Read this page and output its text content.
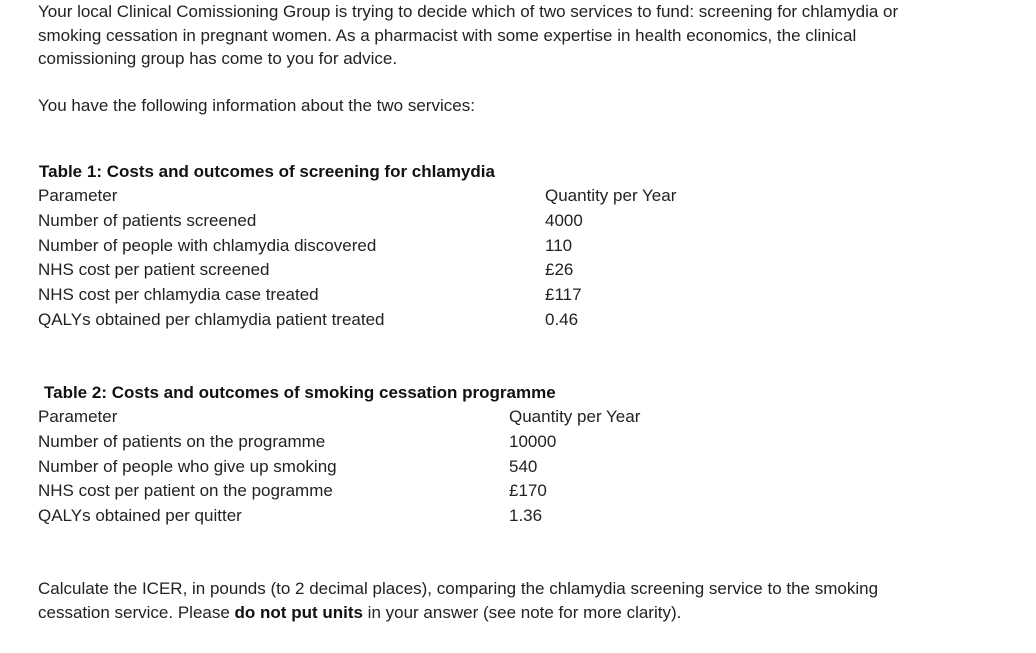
Your local Clinical Comissioning Group is trying to decide which of two services to fund: screening for chlamydia or

smoking cessation in pregnant women. As a pharmacist with some expertise in health economics, the clinical

comissioning group has come to you for advice.

You have the following information about the two services:

Table 1: Costs and outcomes of screening for chlamydia

Parameter	Quantity per Year
Number of patients screened	4000
Number of people with chlamydia discovered	110
NHS cost per patient screened	£26
NHS cost per chlamydia case treated	£117
QALYs obtained per chlamydia patient treated	0.46

Table 2: Costs and outcomes of smoking cessation programme

Parameter	Quantity per Year
Number of patients on the programme	10000
Number of people who give up smoking	540
NHS cost per patient on the pogramme	£170
QALYs obtained per quitter	1.36

Calculate the ICER, in pounds (to 2 decimal places), comparing the chlamydia screening service to the smoking

cessation service. Please do not put units in your answer (see note for more clarity).
